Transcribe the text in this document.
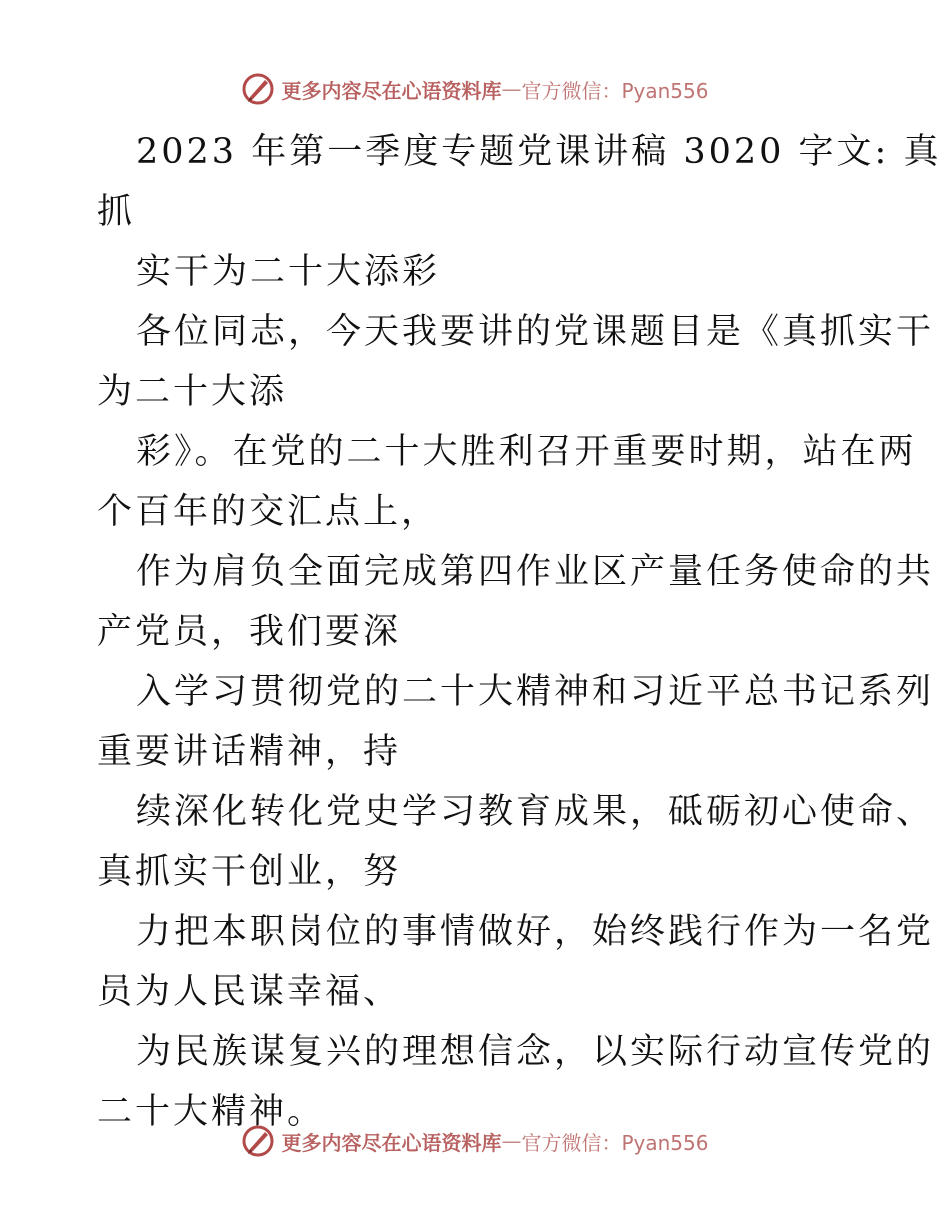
更多内容尽在心语资料库 — 官方微信：Pyan556
2023 年第一季度专题党课讲稿 3020 字文: 真
抓
实干为二十大添彩
各位同志，今天我要讲的党课题目是《真抓实干
为二十大添
彩》。在党的二十大胜利召开重要时期，站在两
个百年的交汇点上，
作为肩负全面完成第四作业区产量任务使命的共
产党员，我们要深
入学习贯彻党的二十大精神和习近平总书记系列
重要讲话精神，持
续深化转化党史学习教育成果，砥砺初心使命、
真抓实干创业，努
力把本职岗位的事情做好，始终践行作为一名党
员为人民谋幸福、
为民族谋复兴的理想信念，以实际行动宣传党的
二十大精神。
更多内容尽在心语资料库 — 官方微信：Pyan556
